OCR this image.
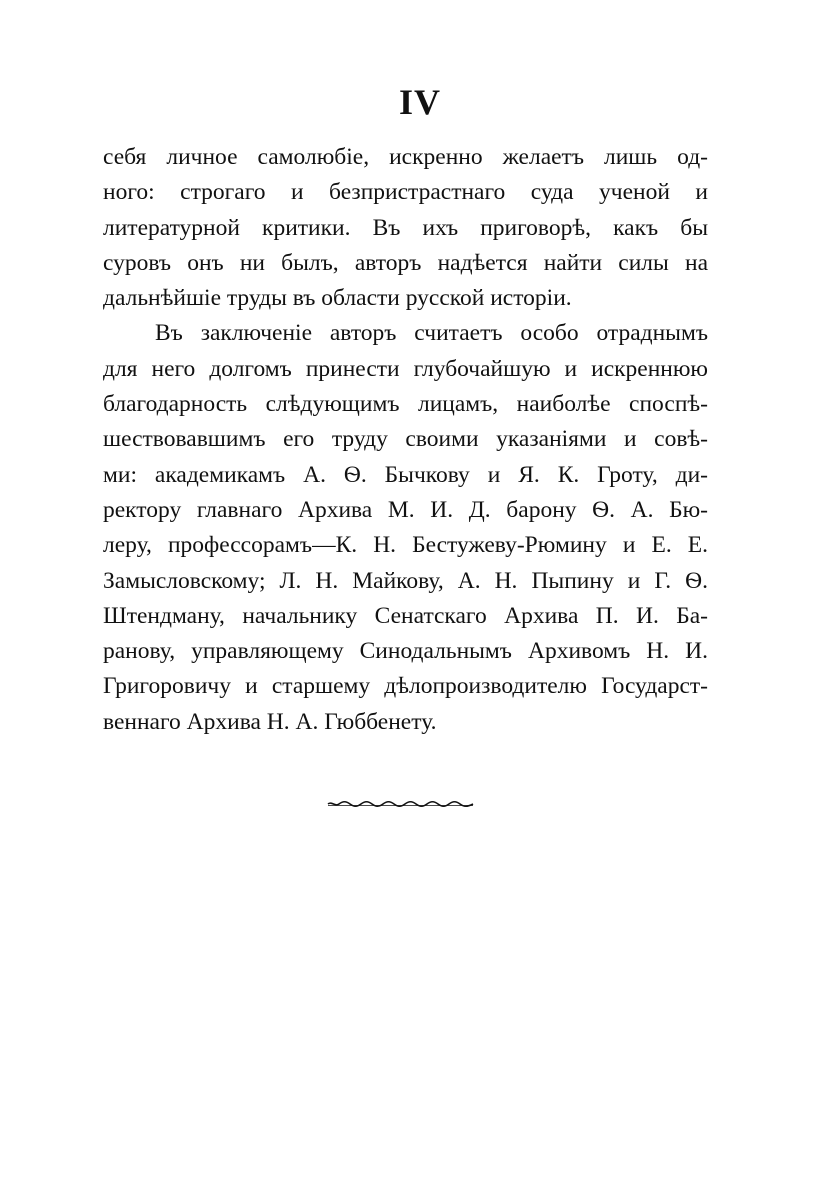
IV
себя личное самолюбіе, искренно желаетъ лишь од-
ного: строгаго и безпристрастнаго суда ученой и
литературной критики. Въ ихъ приговорѣ, какъ бы
суровъ онъ ни былъ, авторъ надѣется найти силы на
дальнѣйшіе труды въ области русской исторіи.
Въ заключеніе авторъ считаетъ особо отраднымъ
для него долгомъ принести глубочайшую и искреннюю
благодарность слѣдующимъ лицамъ, наиболѣе споспѣ-
шествовавшимъ его труду своими указаніями и совѣ-
ми: академикамъ А. Ѳ. Бычкову и Я. К. Гроту, ди-
ректору главнаго Архива М. И. Д. барону Ѳ. А. Бю-
леру, профессорамъ—К. Н. Бестужеву-Рюмину и Е. Е.
Замысловскому; Л. Н. Майкову, А. Н. Пыпину и Г. Ѳ.
Штендману, начальнику Сенатскаго Архива П. И. Ба-
ранову, управляющему Синодальнымъ Архивомъ Н. И.
Григоровичу и старшему дѣлопроизводителю Государст-
веннаго Архива Н. А. Гюббенету.
